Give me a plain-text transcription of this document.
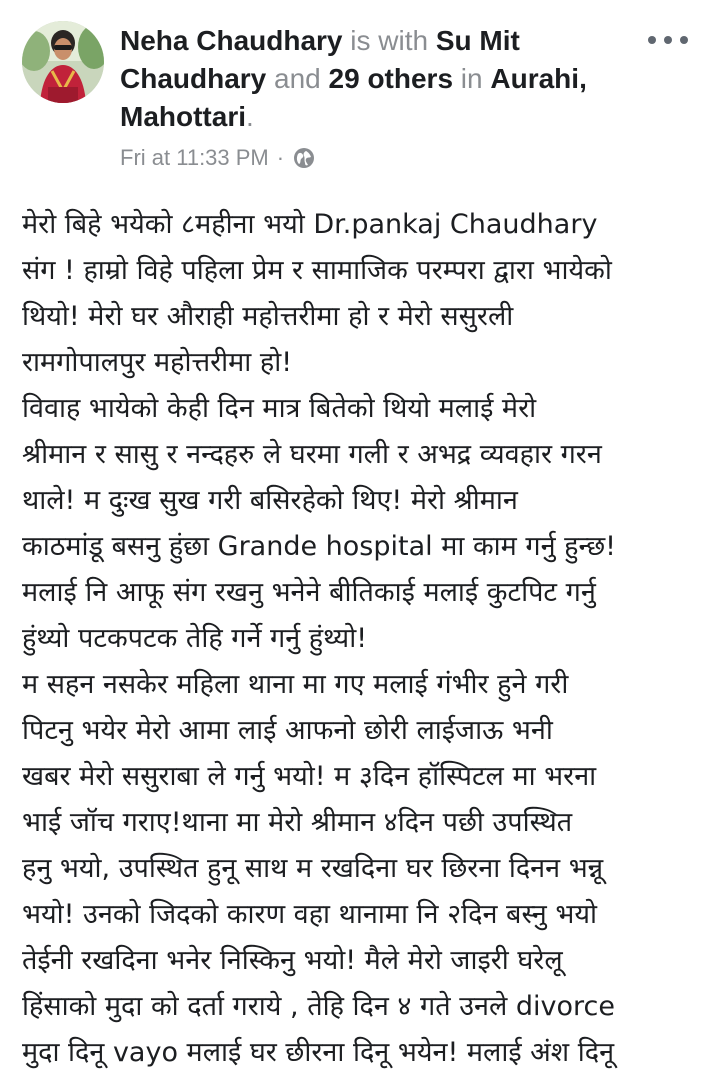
Neha Chaudhary is with Su Mit Chaudhary and 29 others in Aurahi, Mahottari.
Fri at 11:33 PM ·
मेरो बिहे भयेको ८महीना भयो Dr.pankaj Chaudhary
संग ! हाम्रो विहे पहिला प्रेम र सामाजिक परम्परा द्वारा भायेको
थियो! मेरो घर औराही महोत्तरीमा हो र मेरो ससुरली
रामगोपालपुर महोत्तरीमा हो!
विवाह भायेको केही दिन मात्र बितेको थियो मलाई मेरो
श्रीमान र सासु र नन्दहरु ले घरमा गली र अभद्र व्यवहार गरन
थाले! म दुःख सुख गरी बसिरहेको थिए! मेरो श्रीमान
काठमांडू बसनु हुंछा Grande hospital मा काम गर्नु हुन्छ!
मलाई नि आफू संग रखनु भनेने बीतिकाई मलाई कुटपिट गर्नु
हुंथ्यो पटकपटक तेहि गर्ने गर्नु हुंथ्यो!
म सहन नसकेर महिला थाना मा गए मलाई गंभीर हुने गरी
पिटनु भयेर मेरो आमा लाई आफनो छोरी लाईजाऊ भनी
खबर मेरो ससुराबा ले गर्नु भयो! म ३दिन हॉस्पिटल मा भरना
भाई जॉच गराए!थाना मा मेरो श्रीमान ४दिन पछी उपस्थित
हनु भयो, उपस्थित हुनू साथ म रखदिना घर छिरना दिनन भन्नू
भयो! उनको जिदको कारण वहा थानामा नि २दिन बस्नु भयो
तेईनी रखदिना भनेर निस्किनु भयो! मैले मेरो जाइरी घरेलू
हिंसाको मुदा को दर्ता गराये , तेहि दिन ४ गते उनले divorce
मुदा दिनू vayo मलाई घर छीरना दिनू भयेन! मलाई अंश दिनू
